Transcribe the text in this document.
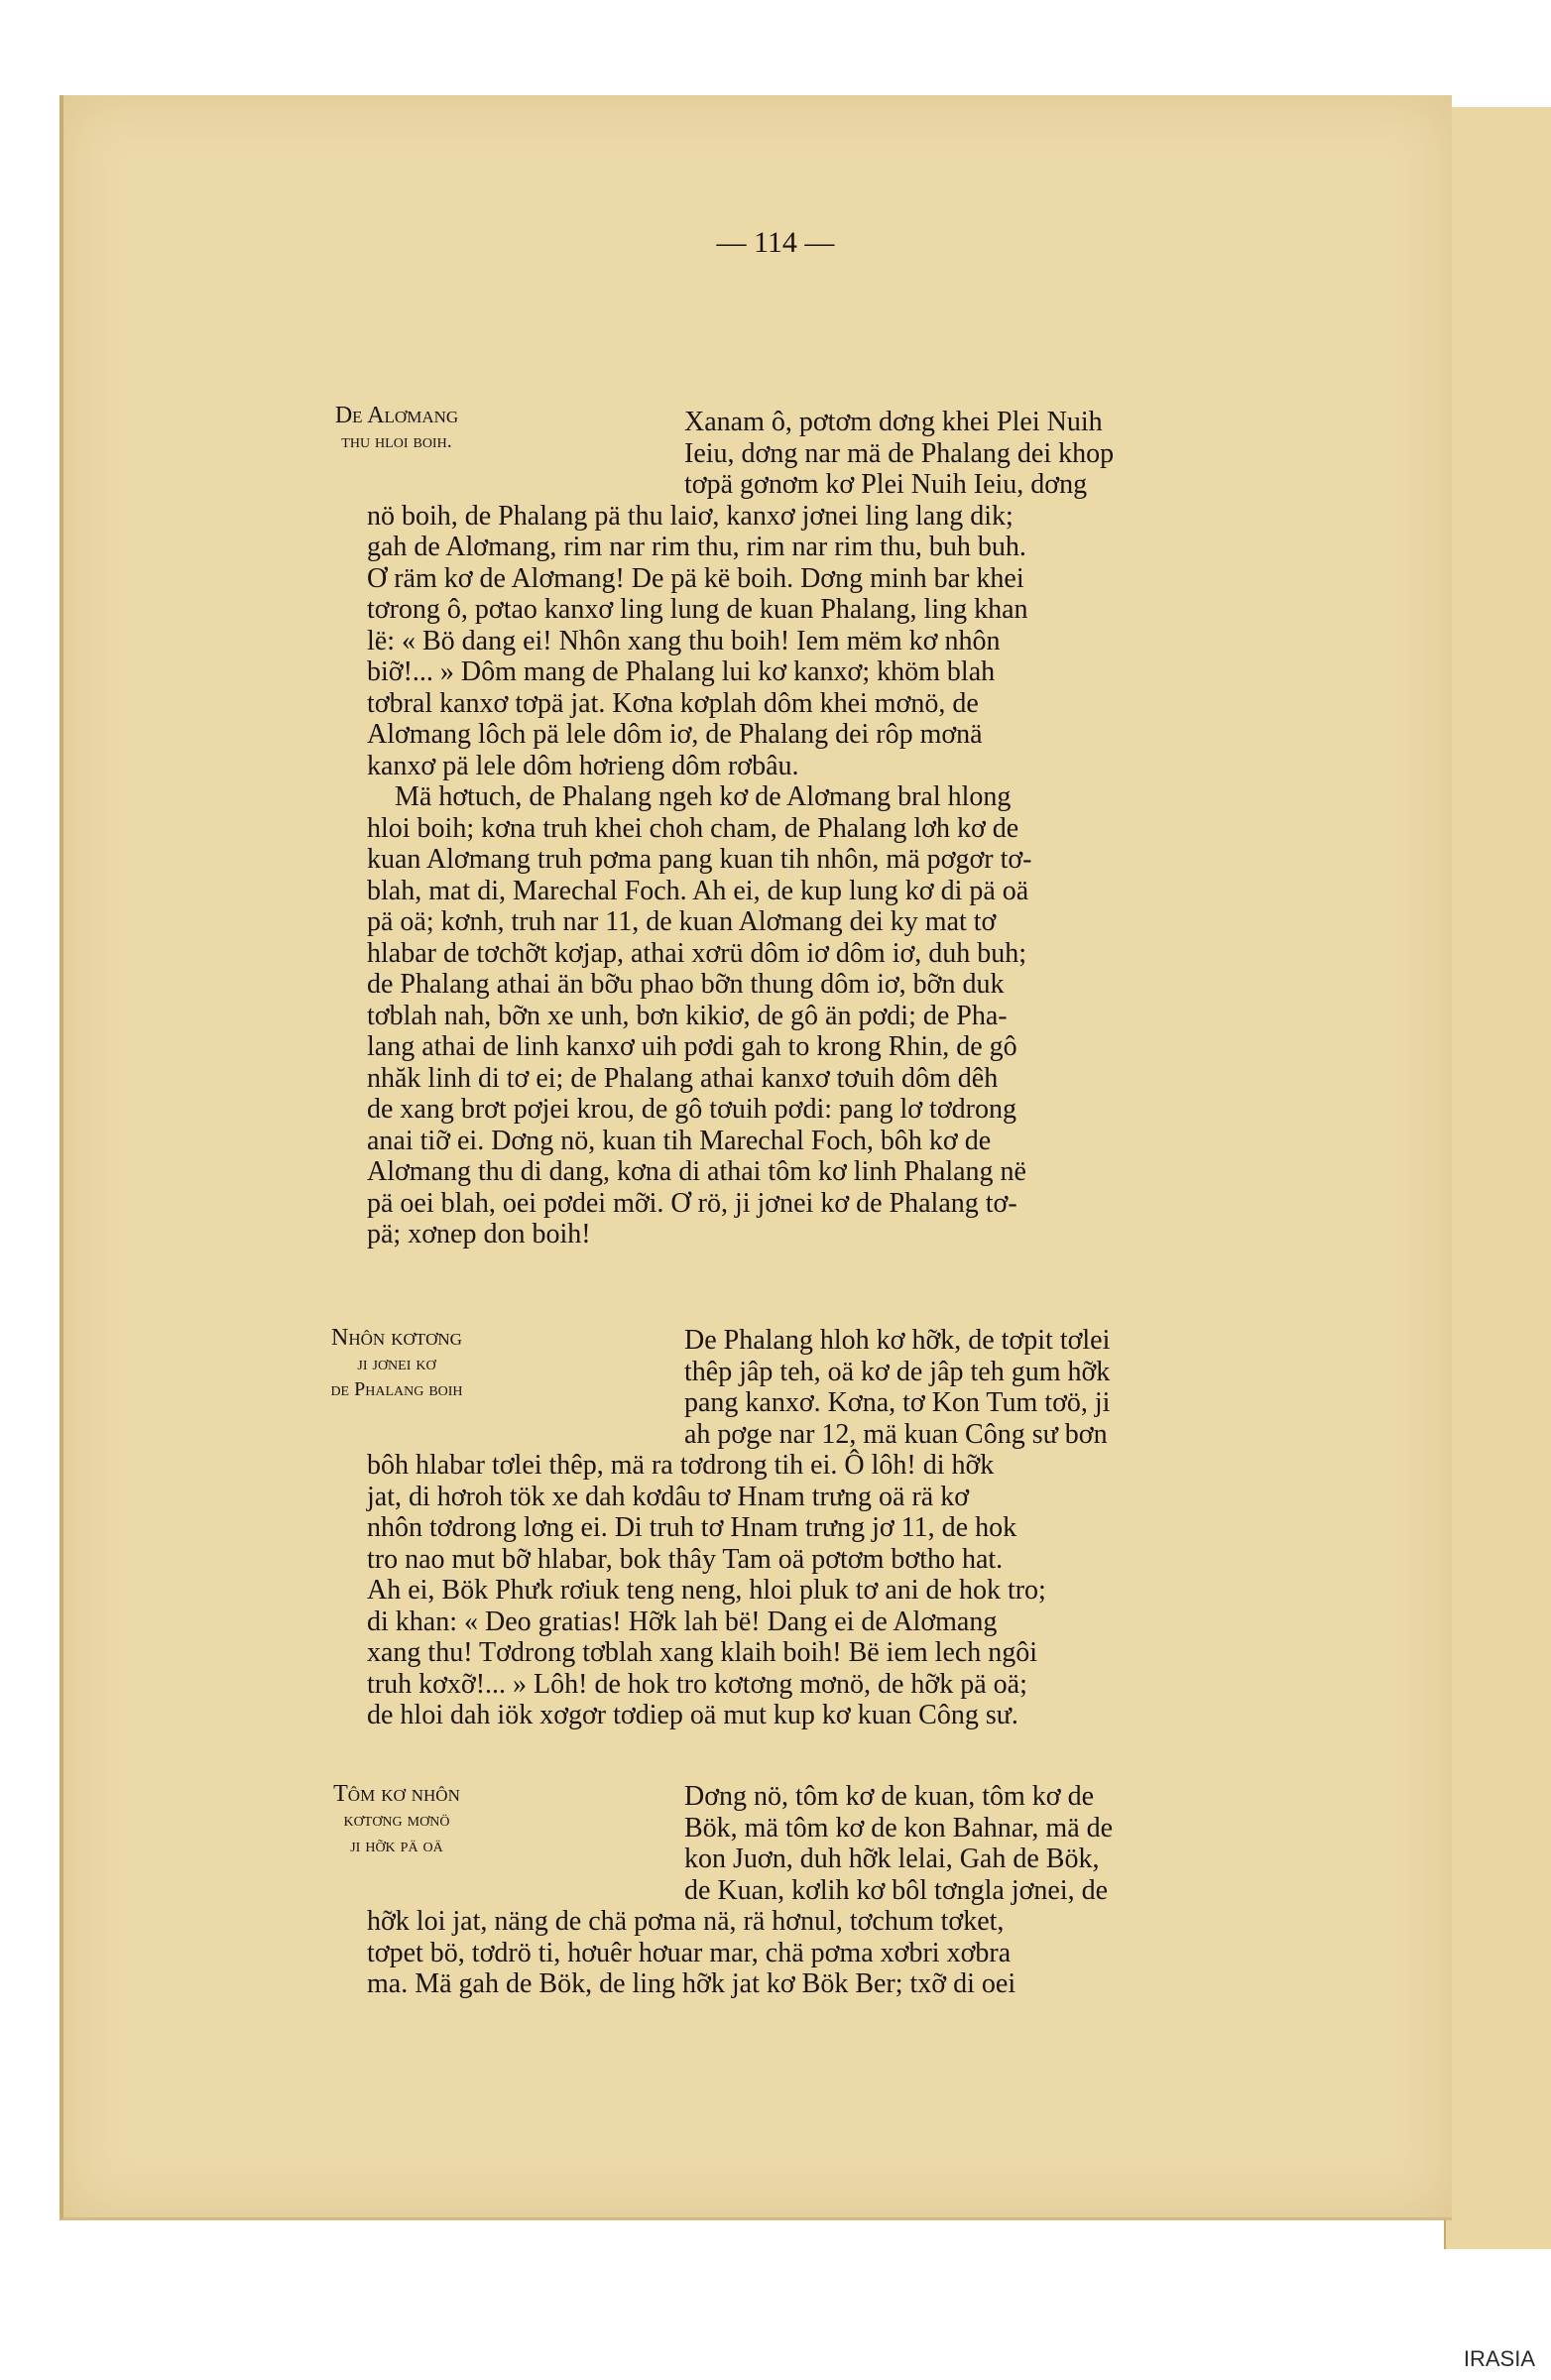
— 114 —
De Alơmang
thu hloi boih.
Xanam ô, pơtơm dơng khei Plei Nuih
Ieiu, dơng nar mä de Phalang dei khop
tơpä gơnơm kơ Plei Nuih Ieiu, dơng
nö boih, de Phalang pä thu laiơ, kanxơ jơnei ling lang dik;
gah de Alơmang, rim nar rim thu, rim nar rim thu, buh buh.
Ơ räm kơ de Alơmang! De pä kë boih. Dơng minh bar khei
tơrong ô, pơtao kanxơ ling lung de kuan Phalang, ling khan
lë: « Bö dang ei! Nhôn xang thu boih! Iem mëm kơ nhôn
biỡ!... » Dôm mang de Phalang lui kơ kanxơ; khöm blah
tơbral kanxơ tơpä jat. Kơna kơplah dôm khei mơnö, de
Alơmang lôch pä lele dôm iơ, de Phalang dei rôp mơnä
kanxơ pä lele dôm hơrieng dôm rơbâu.
Mä hơtuch, de Phalang ngeh kơ de Alơmang bral hlong
hloi boih; kơna truh khei choh cham, de Phalang lơh kơ de
kuan Alơmang truh pơma pang kuan tih nhôn, mä pơgơr tơ-
blah, mat di, Marechal Foch. Ah ei, de kup lung kơ di pä oä
pä oä; kơnh, truh nar 11, de kuan Alơmang dei ky mat tơ
hlabar de tơchỡt kơjap, athai xơrü dôm iơ dôm iơ, duh buh;
de Phalang athai än bỡu phao bỡn thung dôm iơ, bỡn duk
tơblah nah, bỡn xe unh, bơn kikiơ, de gô än pơdi; de Pha-
lang athai de linh kanxơ uih pơdi gah to krong Rhin, de gô
nhăk linh di tơ ei; de Phalang athai kanxơ tơuih dôm dêh
de xang brơt pơjei krou, de gô tơuih pơdi: pang lơ tơdrong
anai tiỡ ei. Dơng nö, kuan tih Marechal Foch, bôh kơ de
Alơmang thu di dang, kơna di athai tôm kơ linh Phalang në
pä oei blah, oei pơdei mỡi. Ơ rö, ji jơnei kơ de Phalang tơ-
pä; xơnep don boih!
Nhôn kơtơng
ji jơnei kơ
de Phalang boih
De Phalang hloh kơ hỡk, de tơpit tơlei
thêp jâp teh, oä kơ de jâp teh gum hỡk
pang kanxơ. Kơna, tơ Kon Tum tơö, ji
ah pơge nar 12, mä kuan Công sư bơn
bôh hlabar tơlei thêp, mä ra tơdrong tih ei. Ô lôh! di hỡk
jat, di hơroh tök xe dah kơdâu tơ Hnam trưng oä rä kơ
nhôn tơdrong lơng ei. Di truh tơ Hnam trưng jơ 11, de hok
tro nao mut bỡ hlabar, bok thây Tam oä pơtơm bơtho hat.
Ah ei, Bök Phưk rơiuk teng neng, hloi pluk tơ ani de hok tro;
di khan: « Deo gratias! Hỡk lah bë! Dang ei de Alơmang
xang thu! Tơdrong tơblah xang klaih boih! Bë iem lech ngôi
truh kơxỡ!... » Lôh! de hok tro kơtơng mơnö, de hỡk pä oä;
de hloi dah iök xơgơr tơdiep oä mut kup kơ kuan Công sư.
Tôm kơ nhôn
kơtơng mơnö
ji hỡk pä oä
Dơng nö, tôm kơ de kuan, tôm kơ de
Bök, mä tôm kơ de kon Bahnar, mä de
kon Juơn, duh hỡk lelai, Gah de Bök,
de Kuan, kơlih kơ bôl tơngla jơnei, de
hỡk loi jat, näng de chä pơma nä, rä hơnul, tơchum tơket,
tơpet bö, tơdrö ti, hơuêr hơuar mar, chä pơma xơbri xơbra
ma. Mä gah de Bök, de ling hỡk jat kơ Bök Ber; txỡ di oei
IRASIA
